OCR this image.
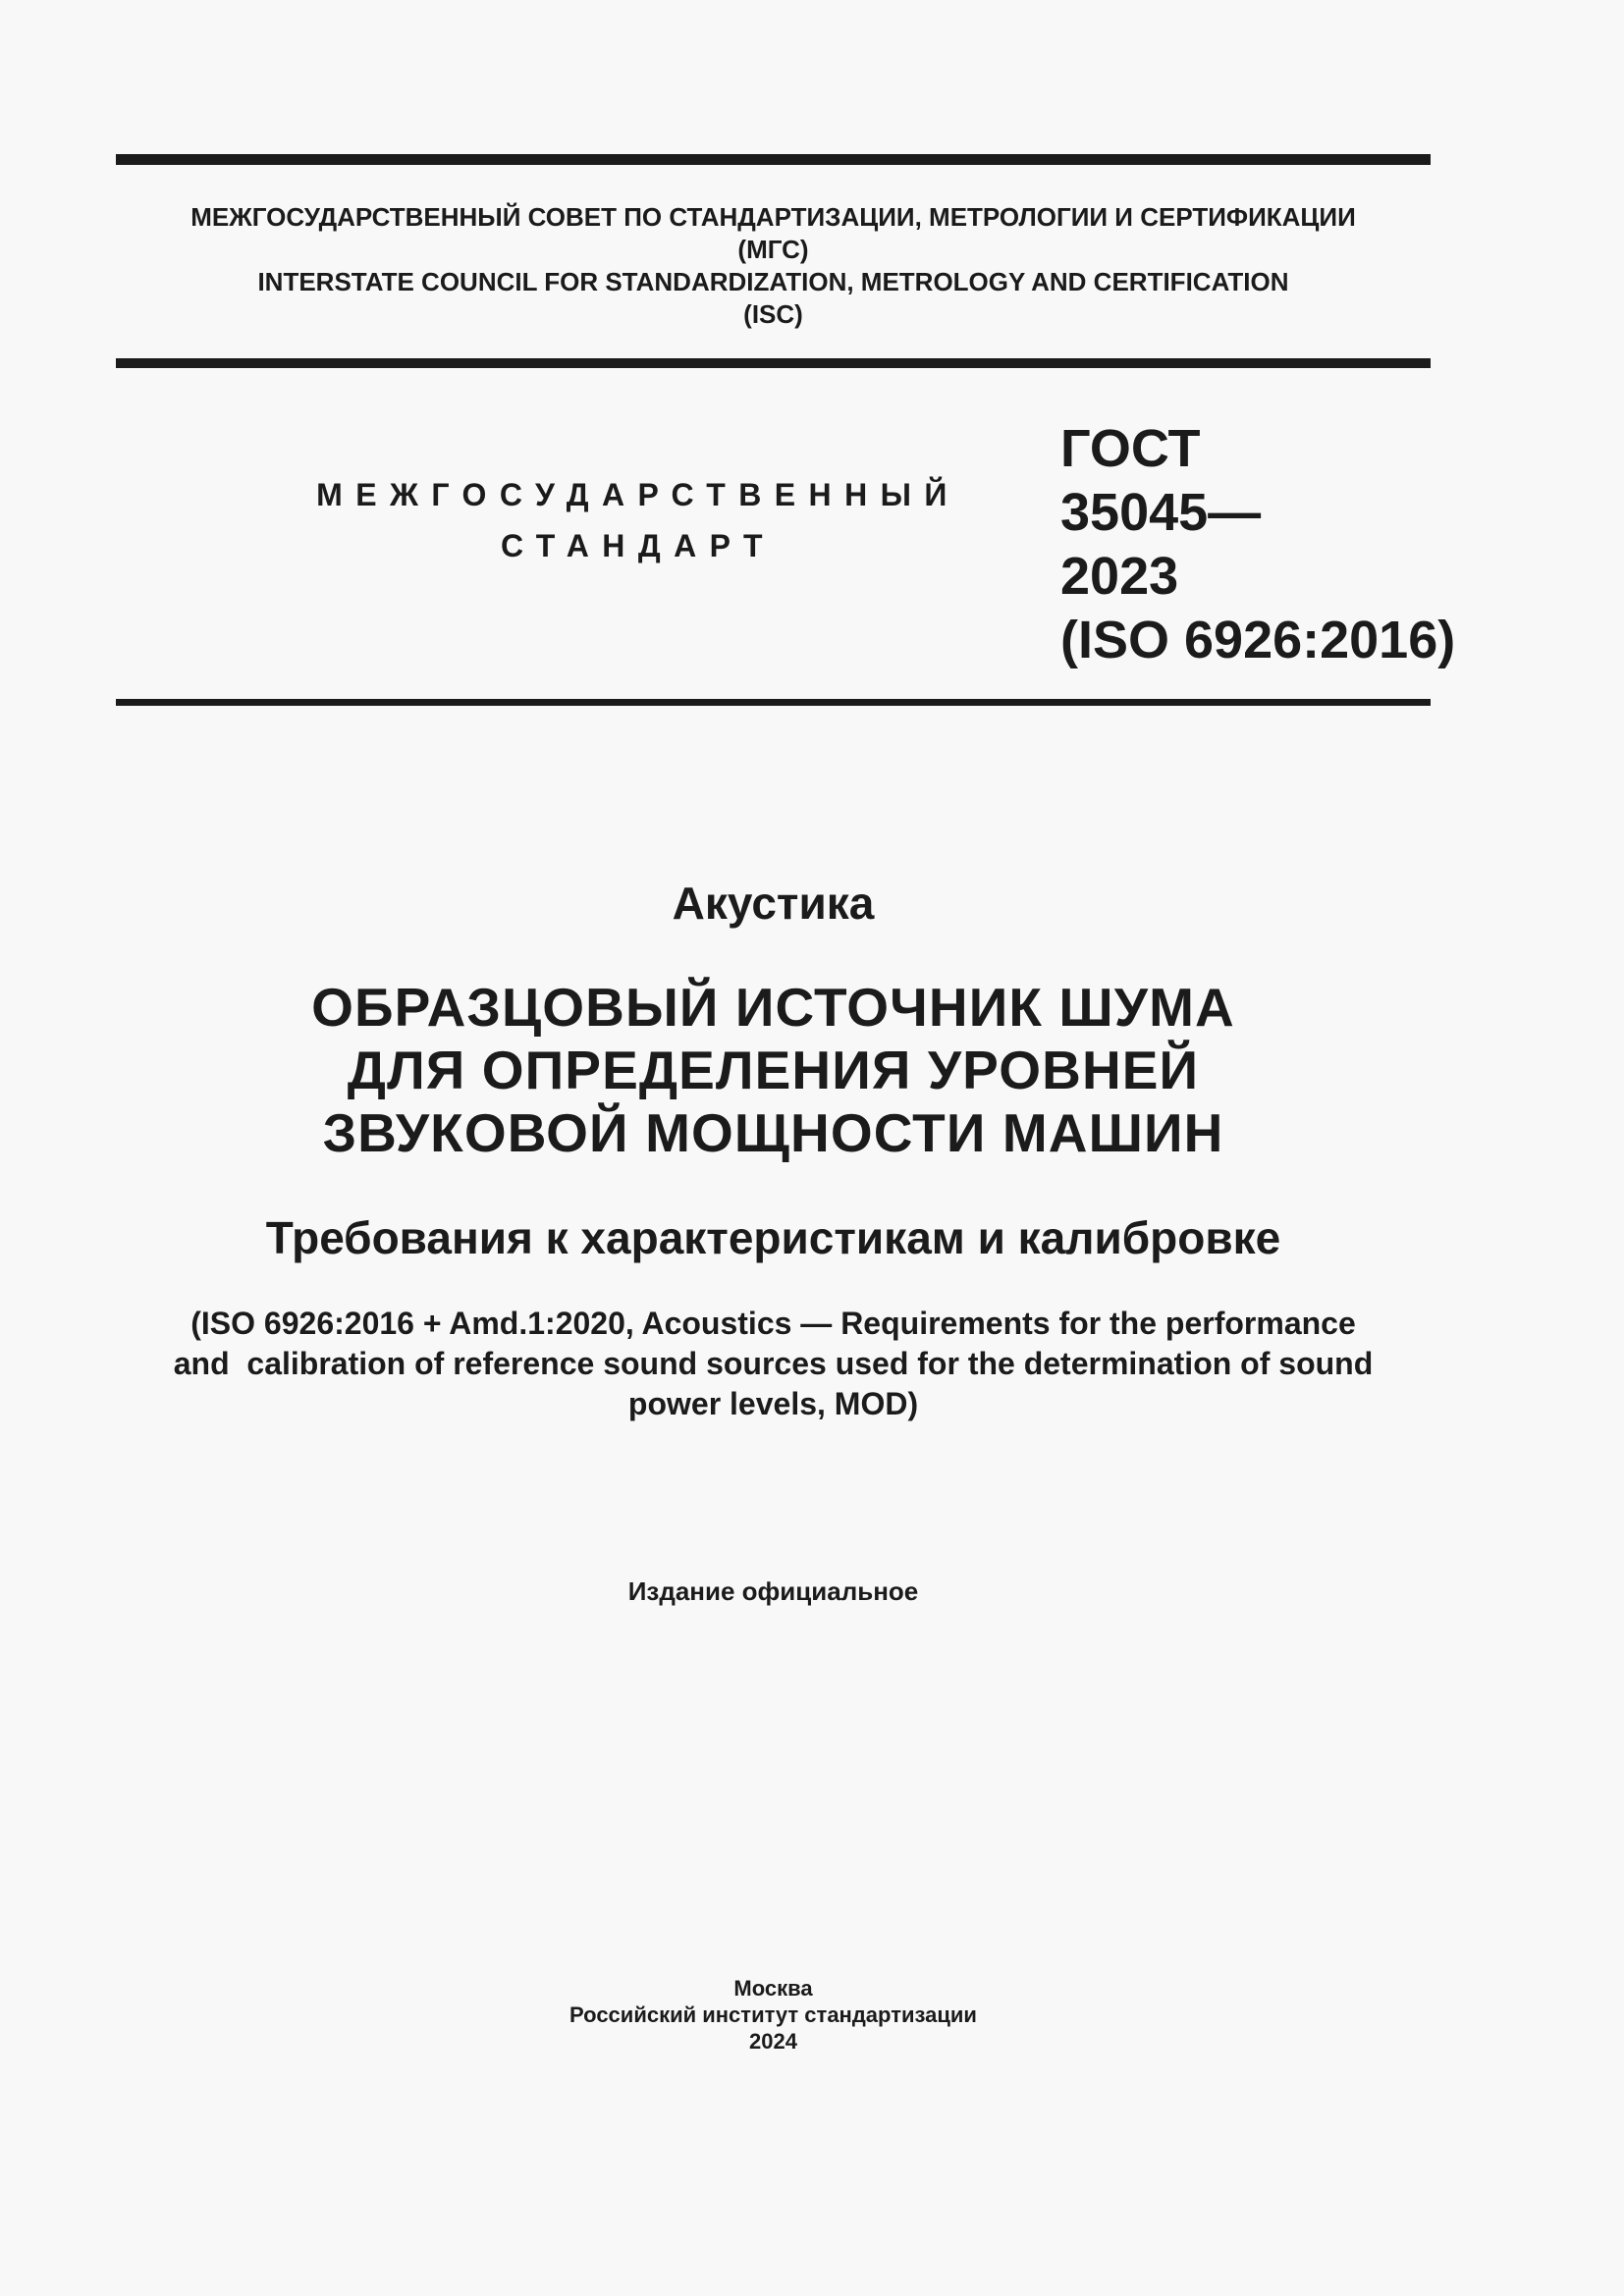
МЕЖГОСУДАРСТВЕННЫЙ СОВЕТ ПО СТАНДАРТИЗАЦИИ, МЕТРОЛОГИИ И СЕРТИФИКАЦИИ
(МГС)
INTERSTATE COUNCIL FOR STANDARDIZATION, METROLOGY AND CERTIFICATION
(ISC)
МЕЖГОСУДАРСТВЕННЫЙ
СТАНДАРТ
ГОСТ
35045—
2023
(ISO 6926:2016)
Акустика
ОБРАЗЦОВЫЙ ИСТОЧНИК ШУМА
ДЛЯ ОПРЕДЕЛЕНИЯ УРОВНЕЙ
ЗВУКОВОЙ МОЩНОСТИ МАШИН
Требования к характеристикам и калибровке
(ISO 6926:2016 + Amd.1:2020, Acoustics — Requirements for the performance
and  calibration of reference sound sources used for the determination of sound
power levels, MOD)
Издание официальное
Москва
Российский институт стандартизации
2024
